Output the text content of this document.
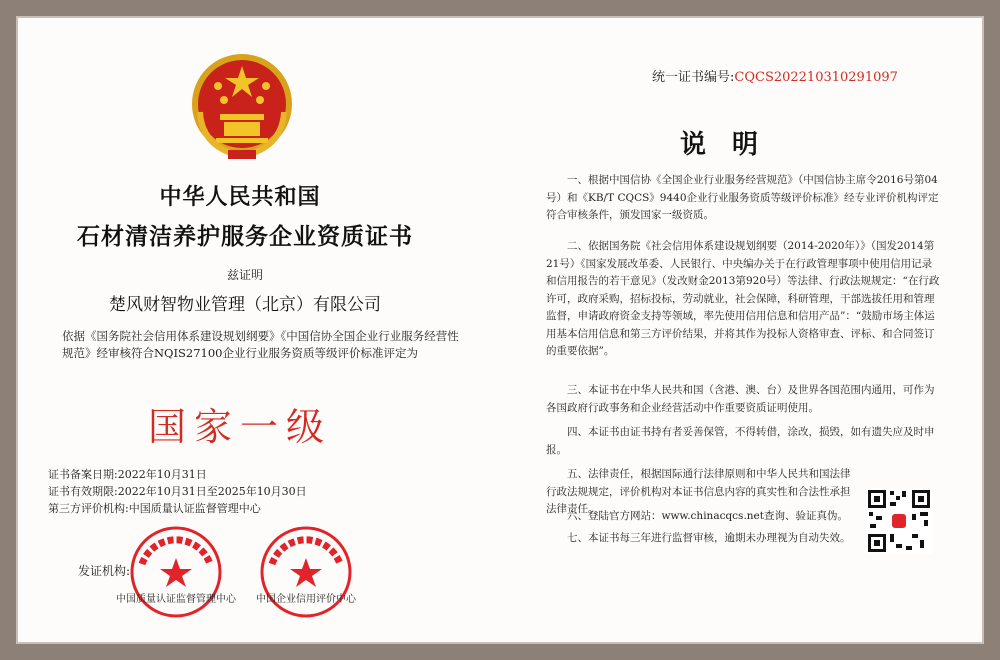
中华人民共和国
石材清洁养护服务企业资质证书
兹证明
楚风财智物业管理（北京）有限公司
依据《国务院社会信用体系建设规划纲要》《中国信协全国企业行业服务经营性规范》经审核符合NQIS27100企业行业服务资质等级评价标准评定为
国家一级
证书备案日期:2022年10月31日
证书有效期限:2022年10月31日至2025年10月30日
第三方评价机构:中国质量认证监督管理中心
发证机构:
中国质量认证监督管理中心	中国企业信用评价中心
统一证书编号:CQCS202210310291097
说明

一、根据中国信协《全国企业行业服务经营规范》（中国信协主席令2016号第04号）和《KB/T CQCS》9440企业行业服务资质等级评价标准》经专业评价机构评定符合审核条件，颁发国家一级资质。

二、依据国务院《社会信用体系建设规划纲要（2014-2020年）》（国发2014第21号）《国家发展改革委、人民银行、中央编办关于在行政管理事项中使用信用记录和信用报告的若干意见》（发改财金2013第920号）等法律、行政法规规定：“在行政许可，政府采购，招标投标，劳动就业，社会保障，科研管理，干部选拔任用和管理监督，申请政府资金支持等领域，率先使用信用信息和信用产品”：“鼓励市场主体运用基本信用信息和第三方评价结果，并将其作为投标人资格审查、评标、和合同签订的重要依据”。

三、本证书在中华人民共和国（含港、澳、台）及世界各国范围内通用，可作为各国政府行政事务和企业经营活动中作重要资质证明使用。

四、本证书由证书持有者妥善保管，不得转借，涂改，损毁，如有遗失应及时申报。

五、法律责任，根据国际通行法律原则和中华人民共和国法律行政法规规定，评价机构对本证书信息内容的真实性和合法性承担法律责任。

六、登陆官方网站：www.chinacqcs.net查询、验证真伪。

七、本证书每三年进行监督审核，逾期未办理视为自动失效。
